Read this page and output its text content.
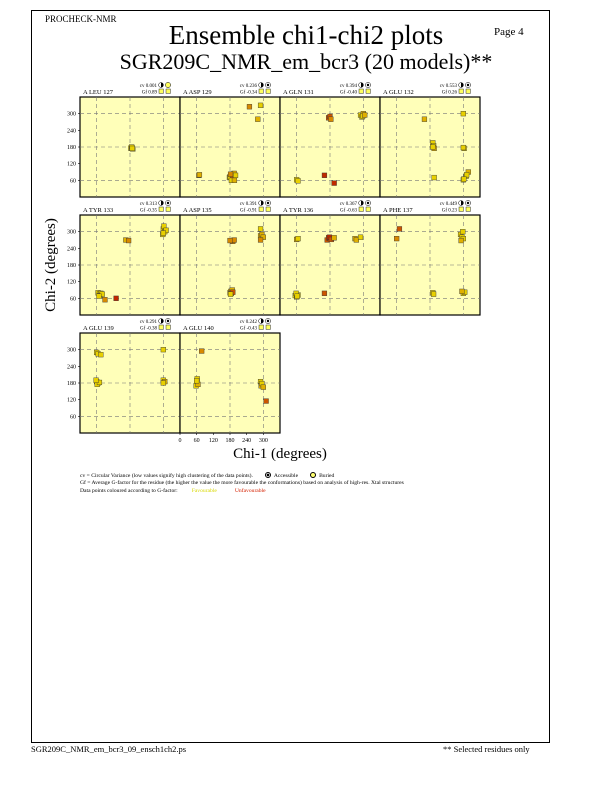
PROCHECK-NMR
Page 4
Ensemble chi1-chi2 plots
SGR209C_NMR_em_bcr3 (20 models)**
A LEU 127
cv 0.001
Gf 0.89
60
120
180
240
300
A ASP 129
cv 0.236
Gf -0.34	A GLN 131
cv 0.394
Gf -0.40	A GLU 132
cv 0.553
Gf 0.26
A TYR 133
cv 0.313
Gf -0.35
60
120
180
240
300
A ASP 135
cv 0.391
Gf -0.91	A TYR 136
cv 0.367
Gf -0.63	A PHE 137
cv 0.449
Gf 0.23
A GLU 139
cv 0.291
Gf -0.38
60
120
180
240
300
A GLU 140
cv 0.242
Gf -0.43
0 60 120 180 240 300
Chi-1 (degrees)
Chi-2 (degrees)
cv = Circular Variance (low values signify high clustering of the data points).	Accessible	Buried
Gf = Average G-factor for the residue (the higher the value the more favourable the conformations) based on analysis of high-res. Xtal structures
Data points coloured according to G-factor:	Favourable	Unfavourable
SGR209C_NMR_em_bcr3_09_ensch1ch2.ps	** Selected residues only
